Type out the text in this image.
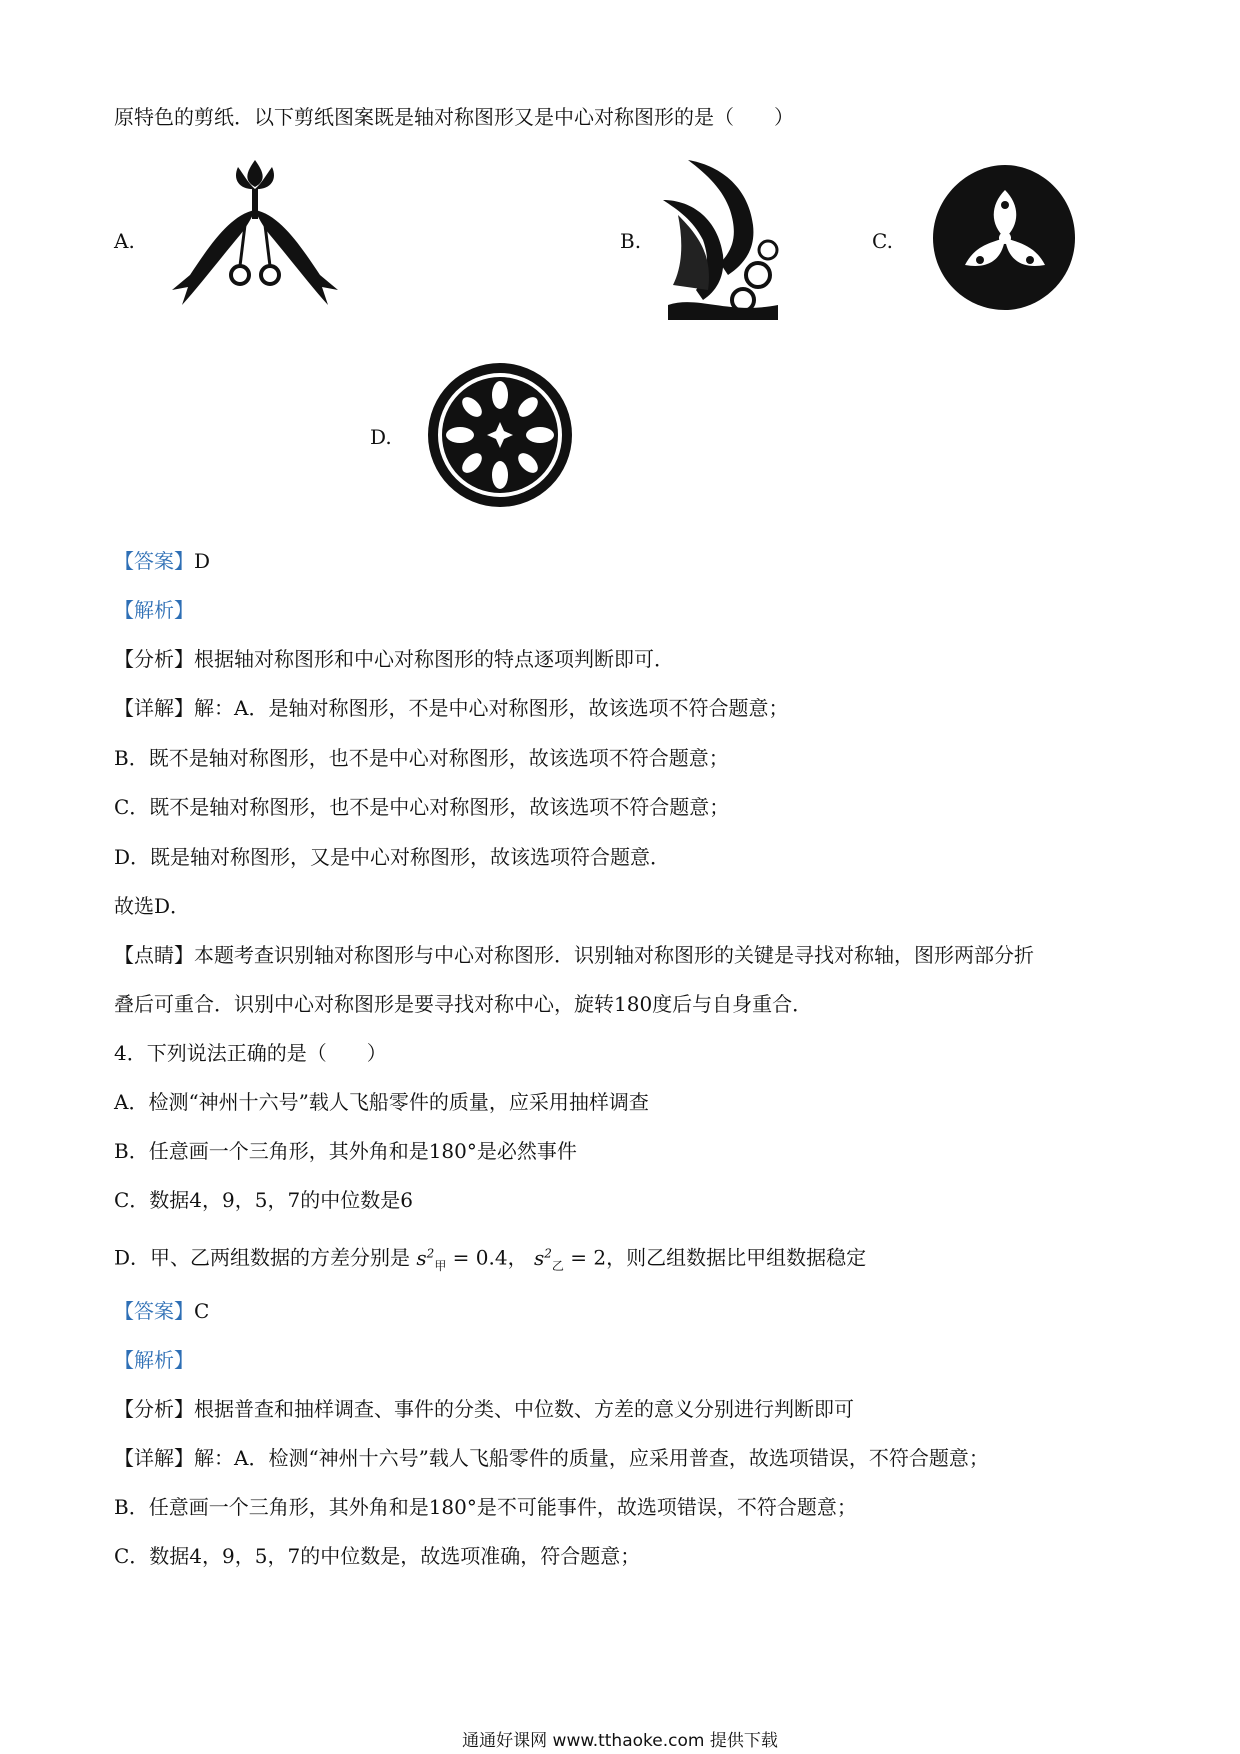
原特色的剪纸．以下剪纸图案既是轴对称图形又是中心对称图形的是（　　）
A.	B.	C.
D.
【答案】D
【解析】
【分析】根据轴对称图形和中心对称图形的特点逐项判断即可．
【详解】解：A．是轴对称图形，不是中心对称图形，故该选项不符合题意；
B．既不是轴对称图形，也不是中心对称图形，故该选项不符合题意；
C．既不是轴对称图形，也不是中心对称图形，故该选项不符合题意；
D．既是轴对称图形，又是中心对称图形，故该选项符合题意．
故选D．
【点睛】本题考查识别轴对称图形与中心对称图形．识别轴对称图形的关键是寻找对称轴，图形两部分折
叠后可重合．识别中心对称图形是要寻找对称中心，旋转180度后与自身重合．
4．下列说法正确的是（　　）
A．检测“神州十六号”载人飞船零件的质量，应采用抽样调查
B．任意画一个三角形，其外角和是180°是必然事件
C．数据4，9，5，7的中位数是6
D．甲、乙两组数据的方差分别是 $s^2_甲 = 0.4$， $s^2_乙 = 2$，则乙组数据比甲组数据稳定
【答案】C
【解析】
【分析】根据普查和抽样调查、事件的分类、中位数、方差的意义分别进行判断即可
【详解】解：A．检测“神州十六号”载人飞船零件的质量，应采用普查，故选项错误，不符合题意；
B．任意画一个三角形，其外角和是180°是不可能事件，故选项错误，不符合题意；
C．数据4，9，5，7的中位数是，故选项准确，符合题意；
通通好课网 www.tthaoke.com 提供下载
